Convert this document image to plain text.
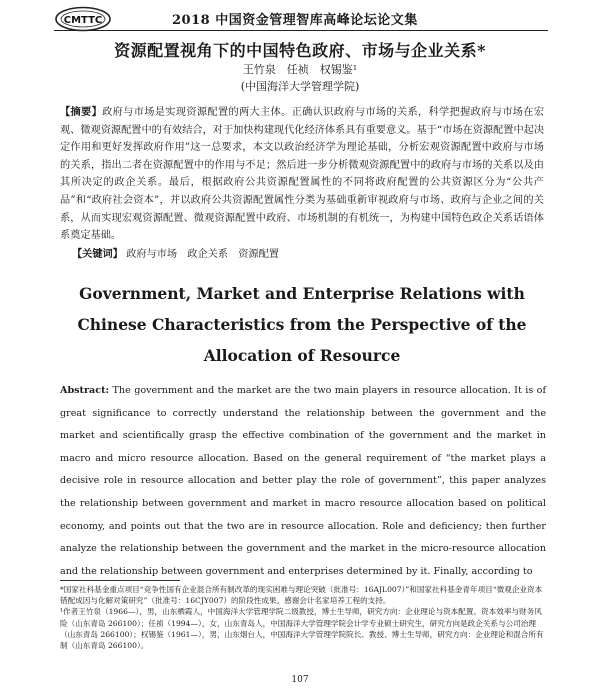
CMTTC	2018 中国资金管理智库高峰论坛论文集
资源配置视角下的中国特色政府、市场与企业关系*
王竹泉　任祯　权锡鉴¹
(中国海洋大学管理学院)
【摘要】政府与市场是实现资源配置的两大主体。正确认识政府与市场的关系，科学把握政府与市场在宏观、微观资源配置中的有效结合，对于加快构建现代化经济体系具有重要意义。基于“市场在资源配置中起决定作用和更好发挥政府作用”这一总要求，本文以政治经济学为理论基础，分析宏观资源配置中政府与市场的关系，指出二者在资源配置中的作用与不足；然后进一步分析微观资源配置中的政府与市场的关系以及由其所决定的政企关系。最后，根据政府公共资源配置属性的不同将政府配置的公共资源区分为“公共产品”和“政府社会资本”，并以政府公共资源配置属性分类为基础重新审视政府与市场、政府与企业之间的关系，从而实现宏观资源配置、微观资源配置中政府、市场机制的有机统一，为构建中国特色政企关系话语体系奠定基础。
【关键词】 政府与市场　政企关系　资源配置
Government, Market and Enterprise Relations with Chinese Characteristics from the Perspective of the Allocation of Resource
Abstract: The government and the market are the two main players in resource allocation. It is of great significance to correctly understand the relationship between the government and the market and scientifically grasp the effective combination of the government and the market in macro and micro resource allocation. Based on the general requirement of “the market plays a decisive role in resource allocation and better play the role of government”, this paper analyzes the relationship between government and market in macro resource allocation based on political economy, and points out that the two are in resource allocation. Role and deficiency; then further analyze the relationship between the government and the market in the micro-resource allocation and the relationship between government and enterprises determined by it. Finally, according to

*国家社科基金重点项目“竞争性国有企业混合所有制改革的现实困难与理论突破（批准号：16AJL007）”和国家社科基金青年项目“微观企业资本错配成因与化解对策研究”（批准号：16CJY007）的阶段性成果。感谢会计名家培养工程的支持。

¹作者王竹泉（1966—），男，山东栖霞人，中国海洋大学管理学院二级教授，博士生导师，研究方向：企业理论与资本配置、资本效率与财务风险（山东青岛 266100）；任祯（1994—），女，山东青岛人，中国海洋大学管理学院会计学专业硕士研究生，研究方向是政企关系与公司治理（山东青岛 266100）；权锡鉴（1961—），男，山东烟台人，中国海洋大学管理学院院长、教授、博士生导师，研究方向：企业理论和混合所有制（山东青岛 266100）。

107
